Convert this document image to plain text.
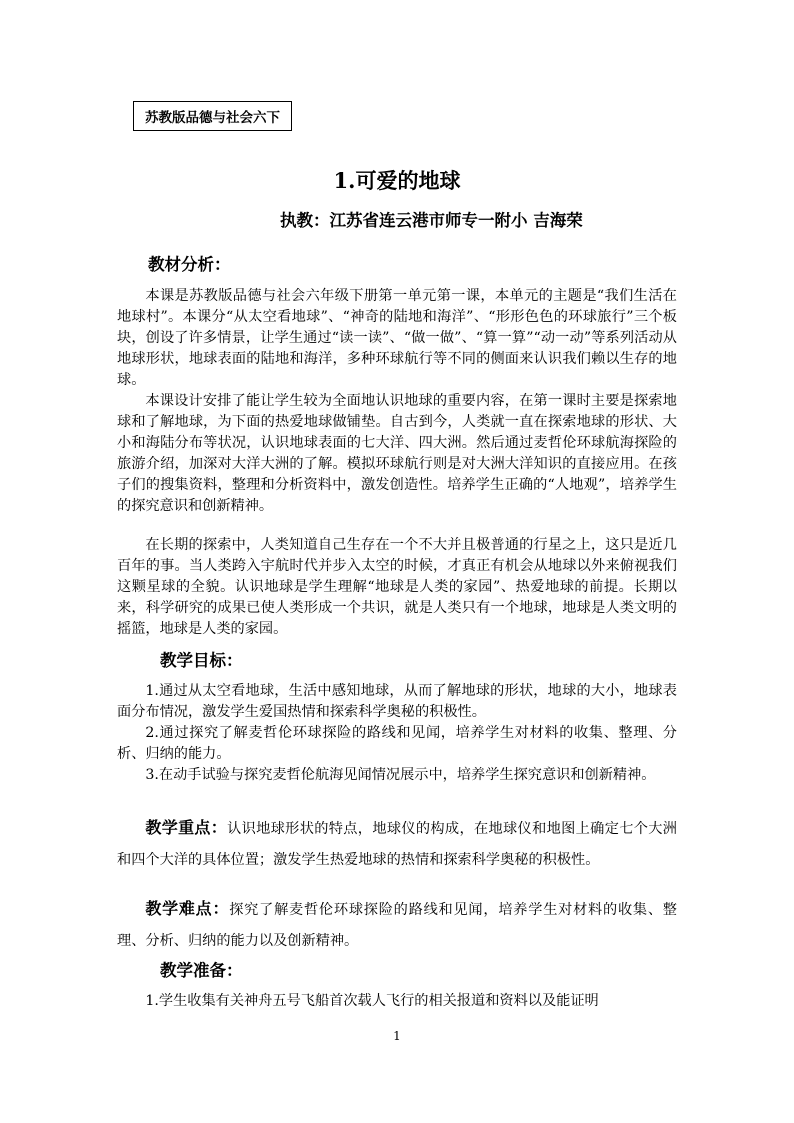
苏教版品德与社会六下
1.可爱的地球
执教：江苏省连云港市师专一附小 吉海荣
教材分析：

本课是苏教版品德与社会六年级下册第一单元第一课，本单元的主题是“我们生活在地球村”。本课分“从太空看地球”、“神奇的陆地和海洋”、“形形色色的环球旅行”三个板块，创设了许多情景，让学生通过“读一读”、“做一做”、“算一算”“动一动”等系列活动从地球形状，地球表面的陆地和海洋，多种环球航行等不同的侧面来认识我们赖以生存的地球。

本课设计安排了能让学生较为全面地认识地球的重要内容，在第一课时主要是探索地球和了解地球，为下面的热爱地球做铺垫。自古到今，人类就一直在探索地球的形状、大小和海陆分布等状况，认识地球表面的七大洋、四大洲。然后通过麦哲伦环球航海探险的旅游介绍，加深对大洋大洲的了解。模拟环球航行则是对大洲大洋知识的直接应用。在孩子们的搜集资料，整理和分析资料中，激发创造性。培养学生正确的“人地观”，培养学生的探究意识和创新精神。

在长期的探索中，人类知道自己生存在一个不大并且极普通的行星之上，这只是近几百年的事。当人类跨入宇航时代并步入太空的时候，才真正有机会从地球以外来俯视我们这颗星球的全貌。认识地球是学生理解“地球是人类的家园”、热爱地球的前提。长期以来，科学研究的成果已使人类形成一个共识，就是人类只有一个地球，地球是人类文明的摇篮，地球是人类的家园。

教学目标：

1.通过从太空看地球，生活中感知地球，从而了解地球的形状，地球的大小，地球表面分布情况，激发学生爱国热情和探索科学奥秘的积极性。

2.通过探究了解麦哲伦环球探险的路线和见闻，培养学生对材料的收集、整理、分析、归纳的能力。

3.在动手试验与探究麦哲伦航海见闻情况展示中，培养学生探究意识和创新精神。

教学重点：认识地球形状的特点，地球仪的构成，在地球仪和地图上确定七个大洲和四个大洋的具体位置；激发学生热爱地球的热情和探索科学奥秘的积极性。

教学难点：探究了解麦哲伦环球探险的路线和见闻，培养学生对材料的收集、整理、分析、归纳的能力以及创新精神。

教学准备：

1.学生收集有关神舟五号飞船首次载人飞行的相关报道和资料以及能证明

1
